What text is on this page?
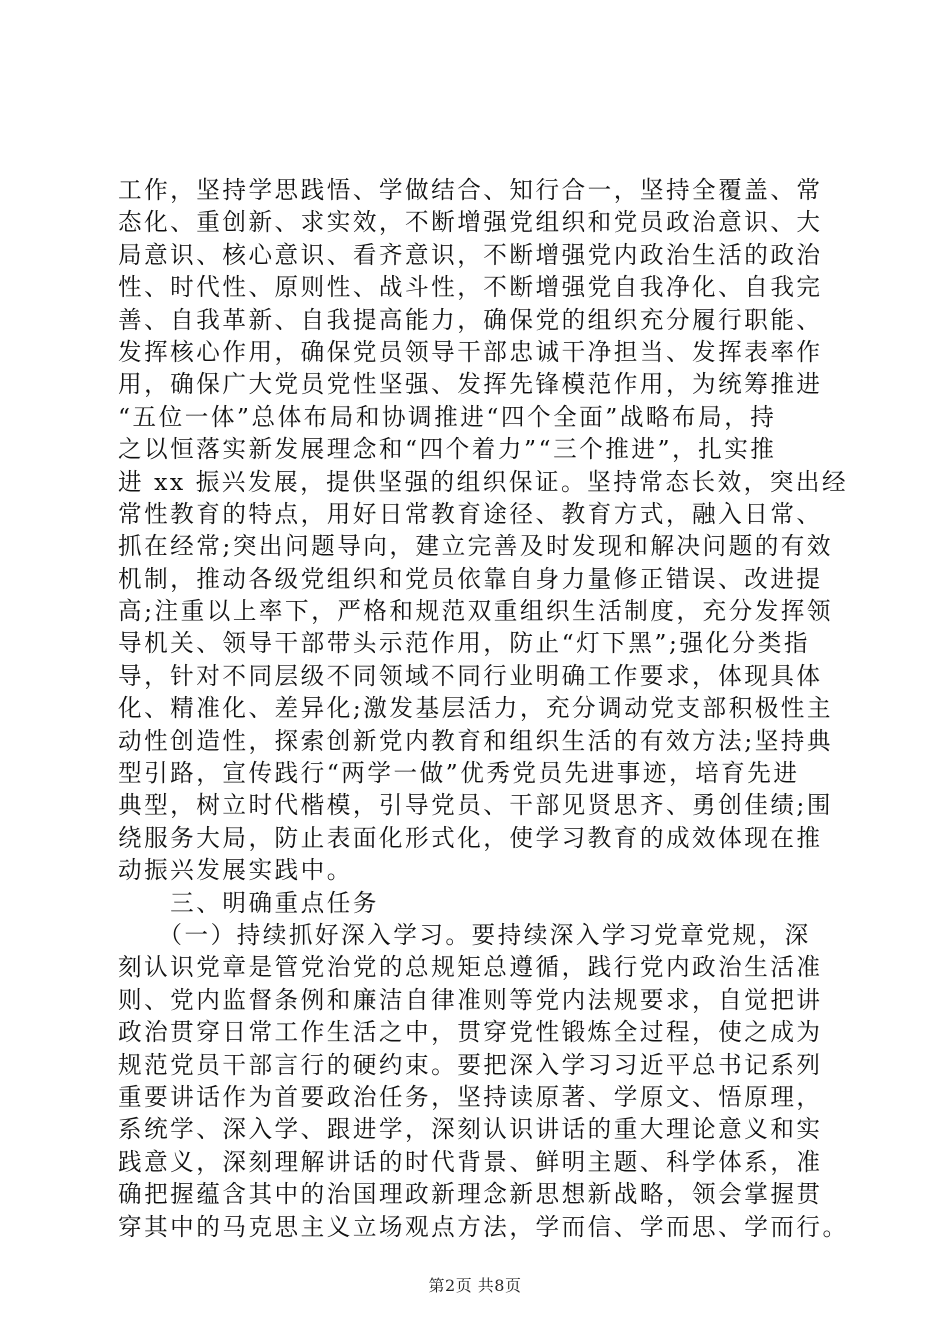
工作，坚持学思践悟、学做结合、知行合一，坚持全覆盖、常
态化、重创新、求实效，不断增强党组织和党员政治意识、大
局意识、核心意识、看齐意识，不断增强党内政治生活的政治
性、时代性、原则性、战斗性，不断增强党自我净化、自我完
善、自我革新、自我提高能力，确保党的组织充分履行职能、
发挥核心作用，确保党员领导干部忠诚干净担当、发挥表率作
用，确保广大党员党性坚强、发挥先锋模范作用，为统筹推进
“五位一体”总体布局和协调推进“四个全面”战略布局，持
之以恒落实新发展理念和“四个着力”“三个推进”，扎实推
进 xx 振兴发展，提供坚强的组织保证。坚持常态长效，突出经
常性教育的特点，用好日常教育途径、教育方式，融入日常、
抓在经常;突出问题导向，建立完善及时发现和解决问题的有效
机制，推动各级党组织和党员依靠自身力量修正错误、改进提
高;注重以上率下，严格和规范双重组织生活制度，充分发挥领
导机关、领导干部带头示范作用，防止“灯下黑”;强化分类指
导，针对不同层级不同领域不同行业明确工作要求，体现具体
化、精准化、差异化;激发基层活力，充分调动党支部积极性主
动性创造性，探索创新党内教育和组织生活的有效方法;坚持典
型引路，宣传践行“两学一做”优秀党员先进事迹，培育先进
典型，树立时代楷模，引导党员、干部见贤思齐、勇创佳绩;围
绕服务大局，防止表面化形式化，使学习教育的成效体现在推
动振兴发展实践中。
　　三、明确重点任务
　　（一）持续抓好深入学习。要持续深入学习党章党规，深
刻认识党章是管党治党的总规矩总遵循，践行党内政治生活准
则、党内监督条例和廉洁自律准则等党内法规要求，自觉把讲
政治贯穿日常工作生活之中，贯穿党性锻炼全过程，使之成为
规范党员干部言行的硬约束。要把深入学习习近平总书记系列
重要讲话作为首要政治任务，坚持读原著、学原文、悟原理，
系统学、深入学、跟进学，深刻认识讲话的重大理论意义和实
践意义，深刻理解讲话的时代背景、鲜明主题、科学体系，准
确把握蕴含其中的治国理政新理念新思想新战略，领会掌握贯
穿其中的马克思主义立场观点方法，学而信、学而思、学而行。
第2页 共8页
